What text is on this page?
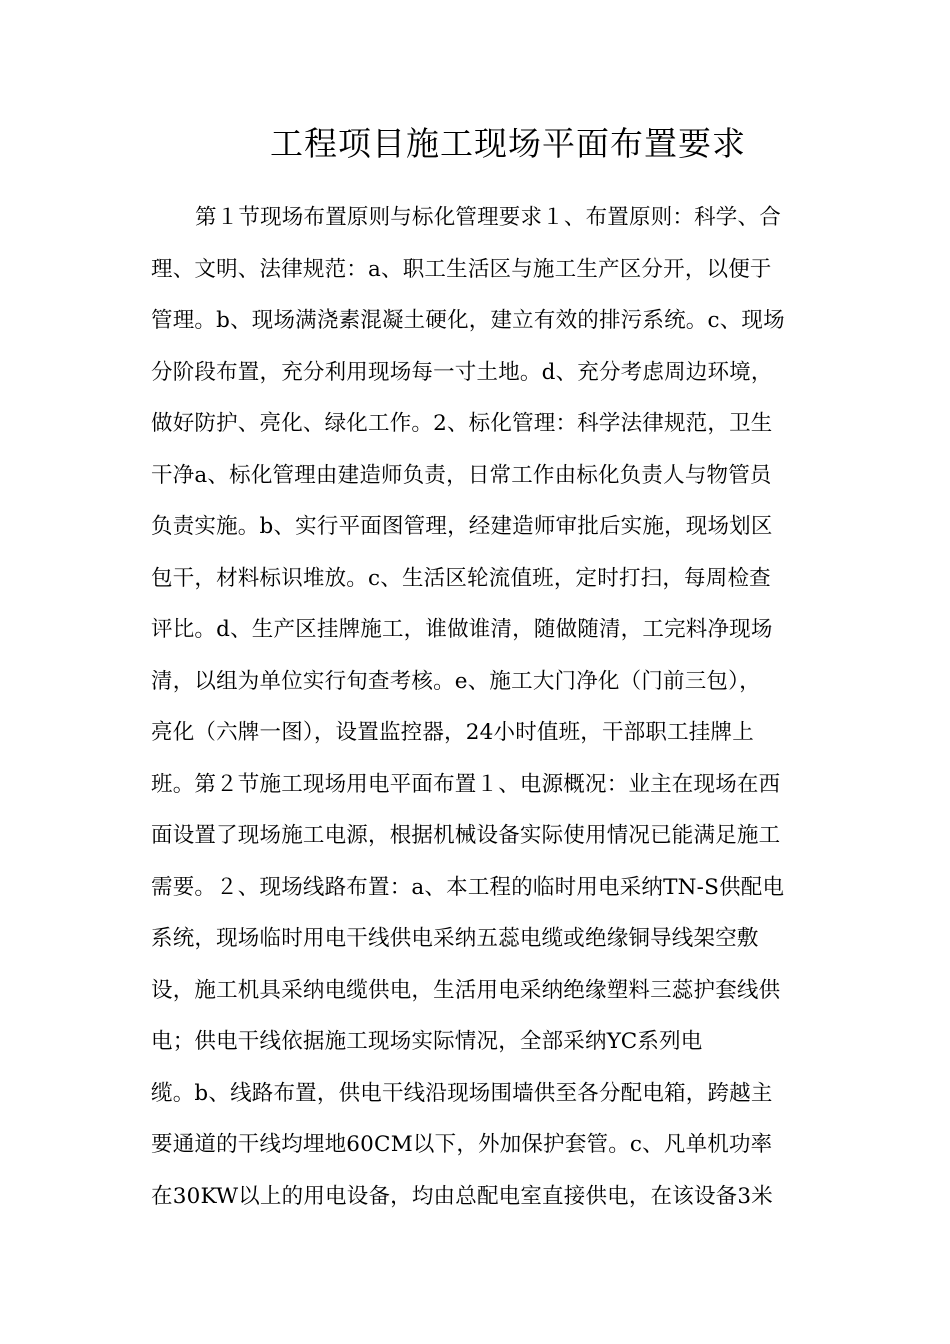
工程项目施工现场平面布置要求
第１节现场布置原则与标化管理要求１、布置原则：科学、合
理、文明、法律规范：a、职工生活区与施工生产区分开，以便于
管理。b、现场满浇素混凝土硬化，建立有效的排污系统。c、现场
分阶段布置，充分利用现场每一寸土地。d、充分考虑周边环境，
做好防护、亮化、绿化工作。2、标化管理：科学法律规范，卫生
干净a、标化管理由建造师负责，日常工作由标化负责人与物管员
负责实施。b、实行平面图管理，经建造师审批后实施，现场划区
包干，材料标识堆放。c、生活区轮流值班，定时打扫，每周检查
评比。d、生产区挂牌施工，谁做谁清，随做随清，工完料净现场
清，以组为单位实行旬查考核。e、施工大门净化（门前三包），
亮化（六牌一图），设置监控器，24小时值班，干部职工挂牌上
班。第２节施工现场用电平面布置１、电源概况：业主在现场在西
面设置了现场施工电源，根据机械设备实际使用情况已能满足施工
需要。２、现场线路布置：a、本工程的临时用电采纳TN-S供配电
系统，现场临时用电干线供电采纳五蕊电缆或绝缘铜导线架空敷
设，施工机具采纳电缆供电，生活用电采纳绝缘塑料三蕊护套线供
电；供电干线依据施工现场实际情况，全部采纳YC系列电
缆。b、线路布置，供电干线沿现场围墙供至各分配电箱，跨越主
要通道的干线均埋地60CM以下，外加保护套管。c、凡单机功率
在30KW以上的用电设备，均由总配电室直接供电，在该设备3米
